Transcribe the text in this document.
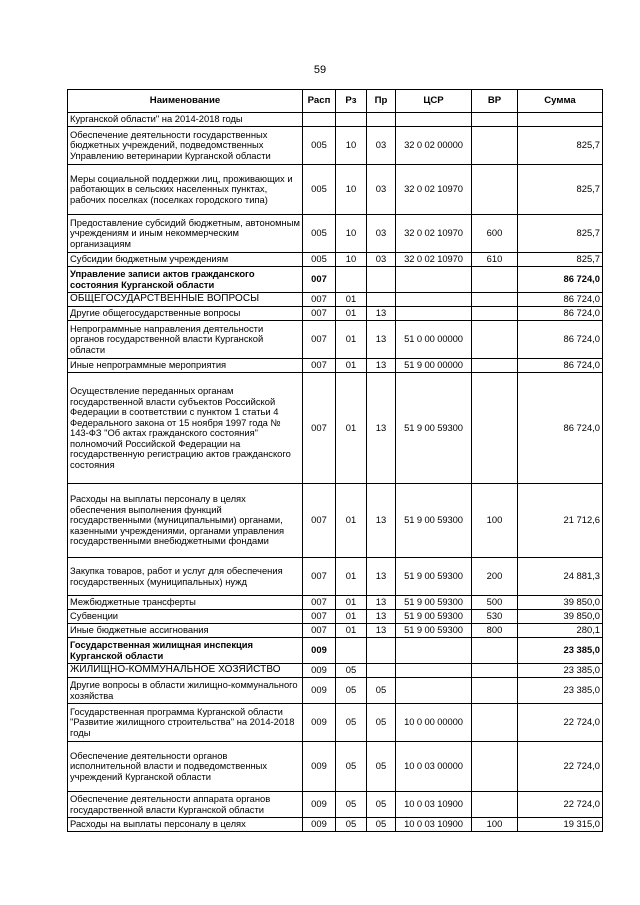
59
Наименование	Расп	Рз	Пр	ЦСР	ВР	Сумма
Курганской области" на 2014-2018 годы						
Обеспечение деятельности государственных бюджетных учреждений, подведомственных Управлению ветеринарии Курганской области	005	10	03	32 0 02 00000		825,7
Меры социальной поддержки лиц, проживающих и работающих в сельских населенных пунктах, рабочих поселках (поселках городского типа)	005	10	03	32 0 02 10970		825,7
Предоставление субсидий бюджетным, автономным учреждениям и иным некоммерческим организациям	005	10	03	32 0 02 10970	600	825,7
Субсидии бюджетным учреждениям	005	10	03	32 0 02 10970	610	825,7
Управление записи актов гражданского состояния Курганской области	007					86 724,0
ОБЩЕГОСУДАРСТВЕННЫЕ ВОПРОСЫ	007	01				86 724,0
Другие общегосударственные вопросы	007	01	13			86 724,0
Непрограммные направления деятельности органов государственной власти Курганской области	007	01	13	51 0 00 00000		86 724,0
Иные непрограммные мероприятия	007	01	13	51 9 00 00000		86 724,0
Осуществление переданных органам государственной власти субъектов Российской Федерации в соответствии с пунктом 1 статьи 4 Федерального закона от 15 ноября 1997 года № 143-ФЗ "Об актах гражданского состояния" полномочий Российской Федерации на государственную регистрацию актов гражданского состояния	007	01	13	51 9 00 59300		86 724,0
Расходы на выплаты персоналу в целях обеспечения выполнения функций государственными (муниципальными) органами, казенными учреждениями, органами управления государственными внебюджетными фондами	007	01	13	51 9 00 59300	100	21 712,6
Закупка товаров, работ и услуг для обеспечения государственных (муниципальных) нужд	007	01	13	51 9 00 59300	200	24 881,3
Межбюджетные трансферты	007	01	13	51 9 00 59300	500	39 850,0
Субвенции	007	01	13	51 9 00 59300	530	39 850,0
Иные бюджетные ассигнования	007	01	13	51 9 00 59300	800	280,1
Государственная жилищная инспекция Курганской области	009					23 385,0
ЖИЛИЩНО-КОММУНАЛЬНОЕ ХОЗЯЙСТВО	009	05				23 385,0
Другие вопросы в области жилищно-коммунального хозяйства	009	05	05			23 385,0
Государственная программа Курганской области "Развитие жилищного строительства" на 2014-2018 годы	009	05	05	10 0 00 00000		22 724,0
Обеспечение деятельности органов исполнительной власти и подведомственных учреждений Курганской области	009	05	05	10 0 03 00000		22 724,0
Обеспечение деятельности аппарата органов государственной власти Курганской области	009	05	05	10 0 03 10900		22 724,0
Расходы на выплаты персоналу в целях	009	05	05	10 0 03 10900	100	19 315,0
